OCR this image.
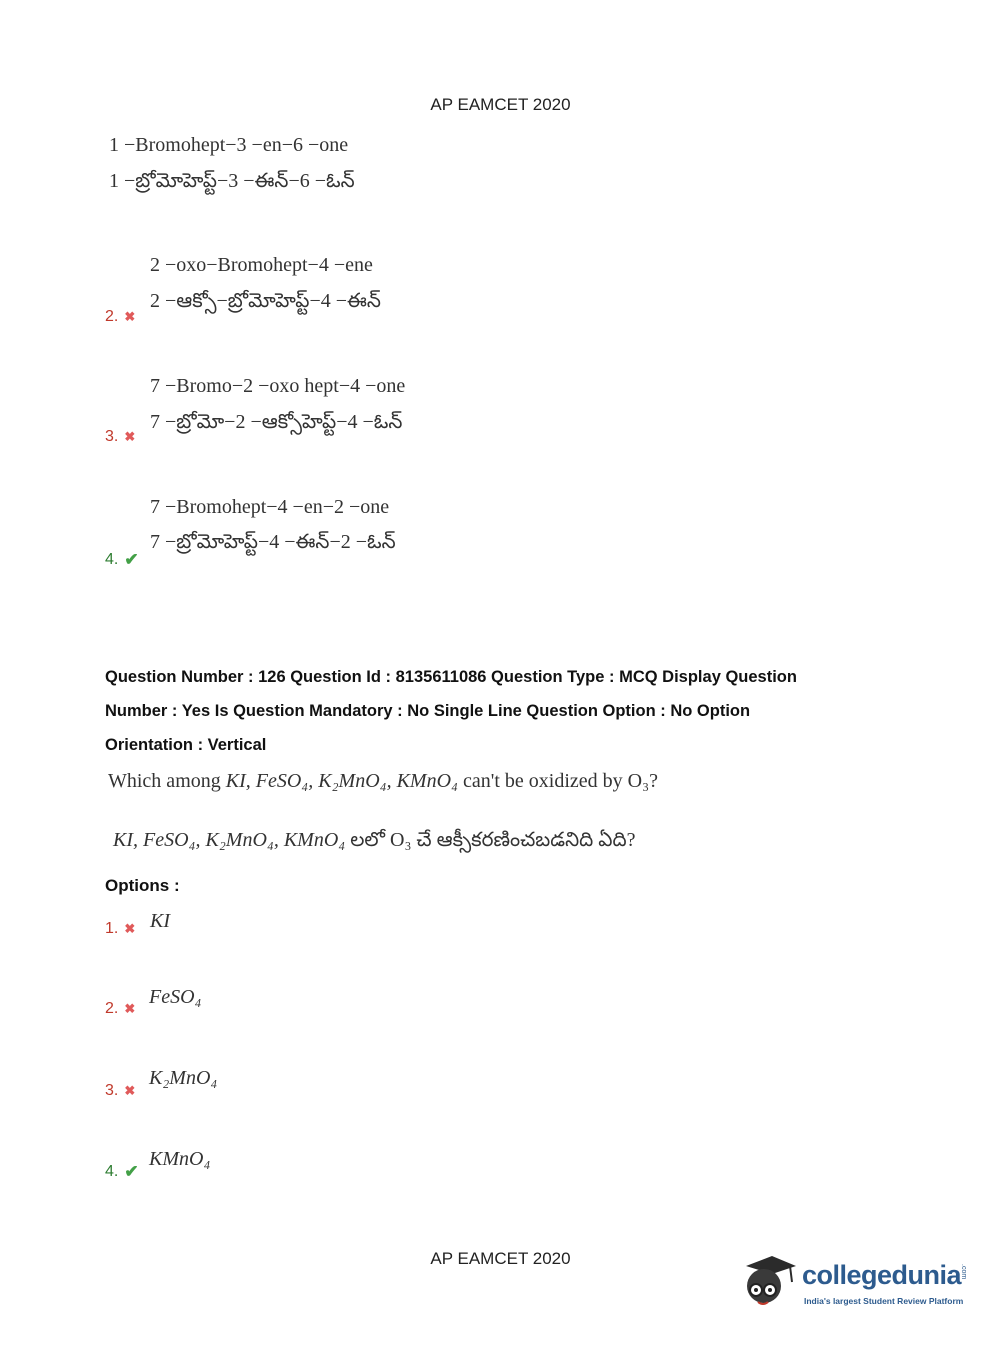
AP EAMCET 2020
1 −Bromohept−3 −en−6 −one
1 −బ్రోమోహెప్ట్−3 −ఈన్−6 −ఓన్
2 −oxo−Bromohept−4 −ene
2 −ఆక్సో−బ్రోమోహెప్ట్−4 −ఈన్
2. ✖
7 −Bromo−2 −oxo hept−4 −one
7 −బ్రోమో−2 −ఆక్సోహెప్ట్−4 −ఓన్
3. ✖
7 −Bromohept−4 −en−2 −one
7 −బ్రోమోహెప్ట్−4 −ఈన్−2 −ఓన్
4. ✔
Question Number : 126 Question Id : 8135611086 Question Type : MCQ Display Question
Number : Yes Is Question Mandatory : No Single Line Question Option : No Option
Orientation : Vertical
Which among KI, FeSO₄, K₂MnO₄, KMnO₄ can't be oxidized by O₃?
KI, FeSO₄, K₂MnO₄, KMnO₄ లలో O₃ చే ఆక్సీకరణించబడనిది ఏది?
Options :
1. ✖ KI
2. ✖
FeSO₄
3. ✖
K₂MnO₄
4. ✔
KMnO₄
AP EAMCET 2020
collegedunia
.com
India's largest Student Review Platform
